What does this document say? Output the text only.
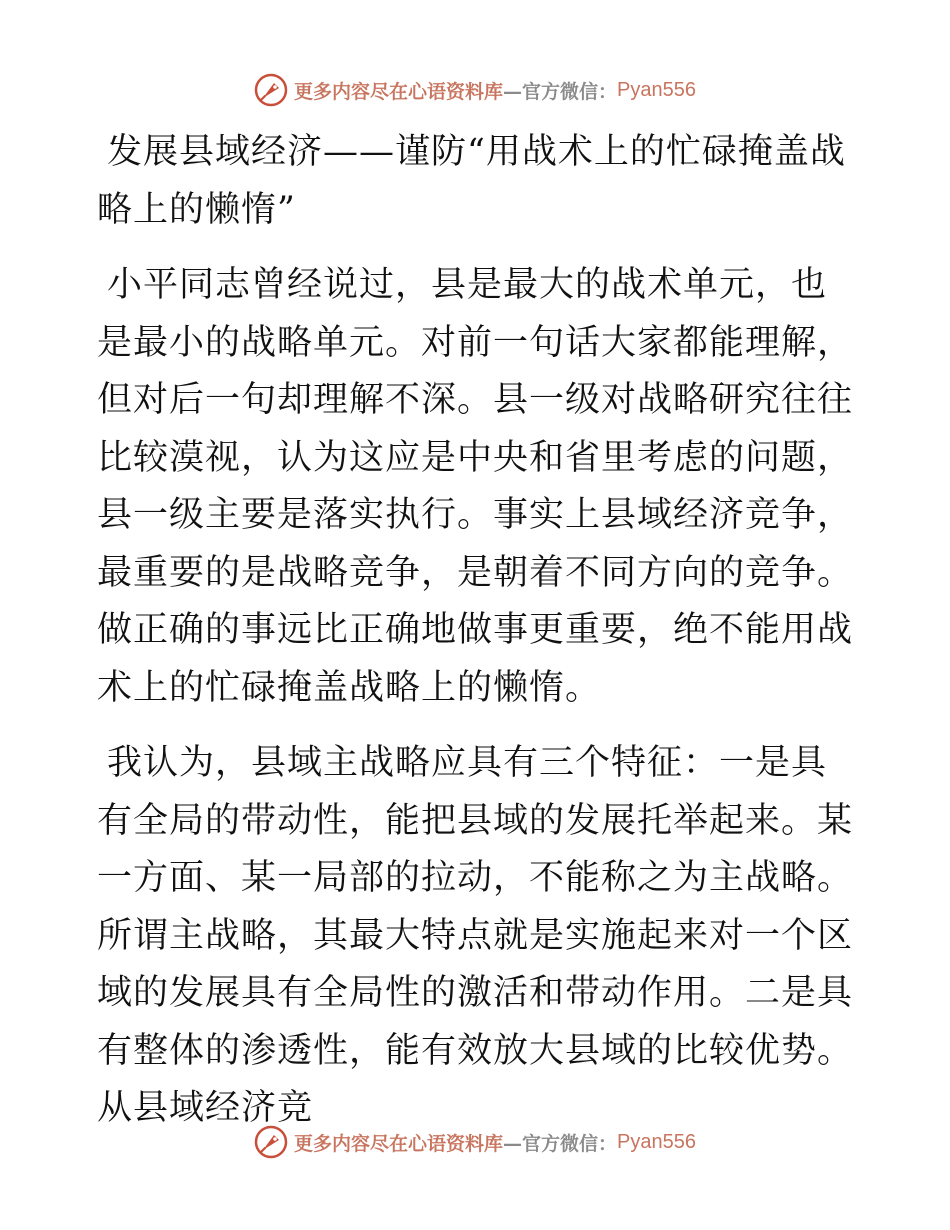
更多内容尽在心语资料库 —官方微信： Pyan556

发展县域经济——谨防“用战术上的忙碌掩盖战略上的懒惰”

小平同志曾经说过，县是最大的战术单元，也是最小的战略单元。对前一句话大家都能理解，但对后一句却理解不深。县一级对战略研究往往比较漠视，认为这应是中央和省里考虑的问题，县一级主要是落实执行。事实上县域经济竞争，最重要的是战略竞争，是朝着不同方向的竞争。做正确的事远比正确地做事更重要，绝不能用战术上的忙碌掩盖战略上的懒惰。

我认为，县域主战略应具有三个特征：一是具有全局的带动性，能把县域的发展托举起来。某一方面、某一局部的拉动，不能称之为主战略。所谓主战略，其最大特点就是实施起来对一个区域的发展具有全局性的激活和带动作用。二是具有整体的渗透性，能有效放大县域的比较优势。从县域经济竞

更多内容尽在心语资料库 —官方微信： Pyan556
